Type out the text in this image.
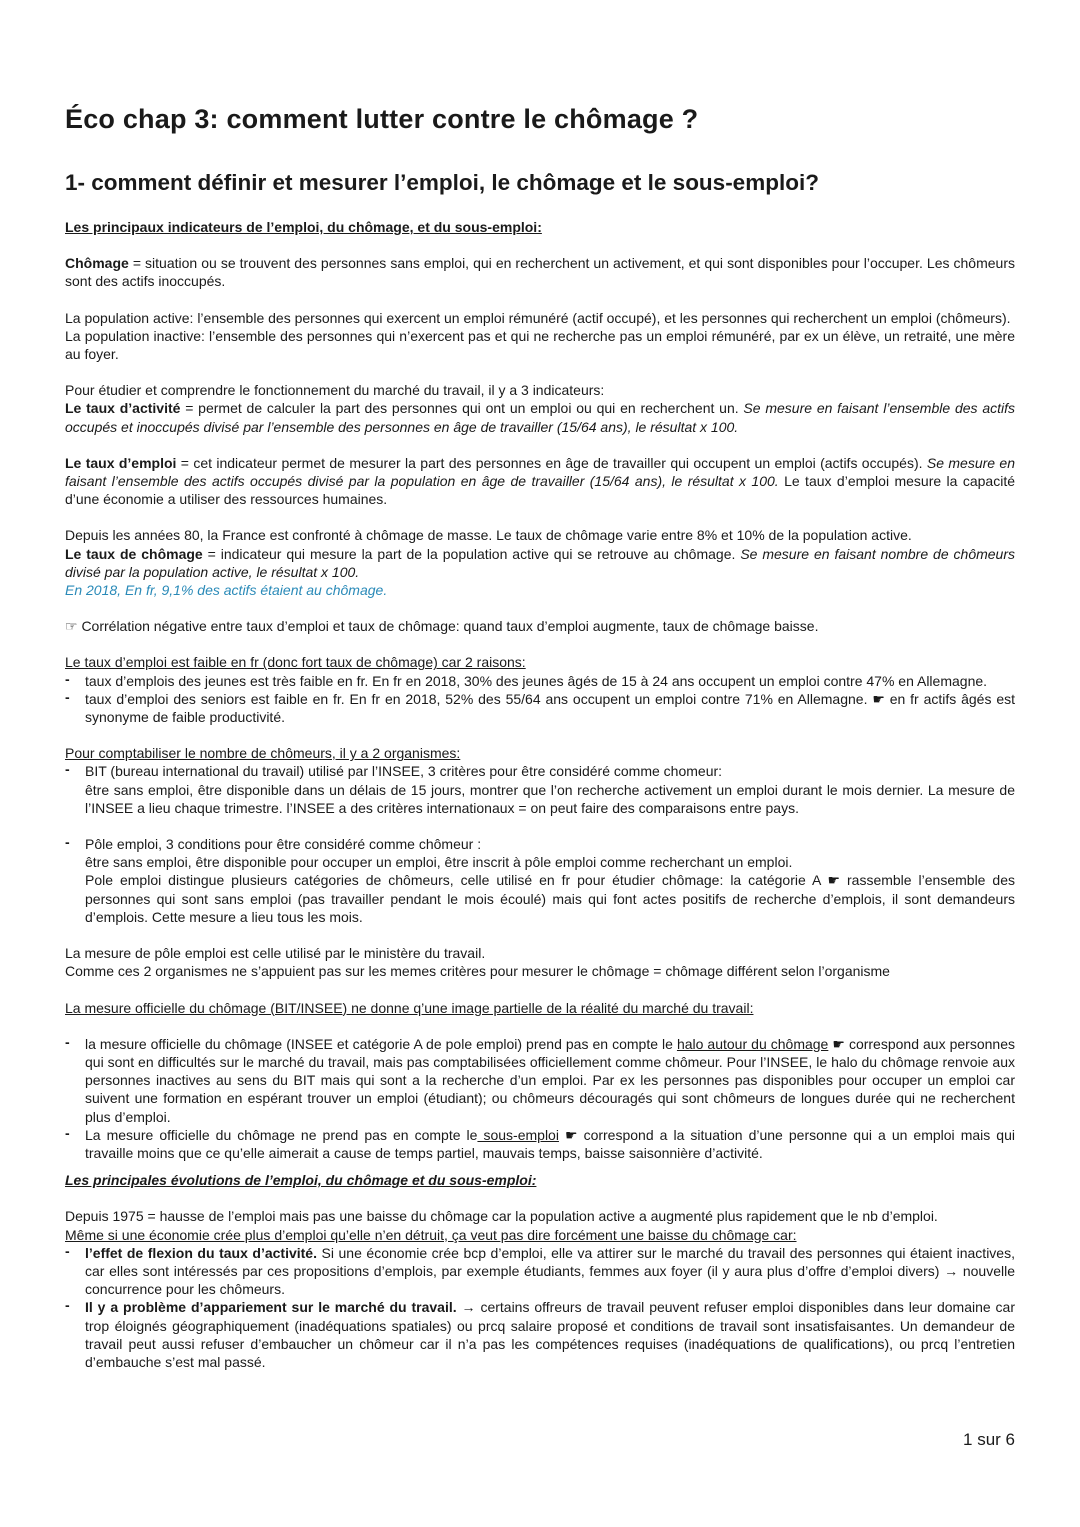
Éco chap 3: comment lutter contre le chômage ?
1- comment définir et mesurer l’emploi, le chômage et le sous-emploi?

Les principaux indicateurs de l’emploi, du chômage, et du sous-emploi:

Chômage = situation ou se trouvent des personnes sans emploi, qui en recherchent un activement, et qui sont disponibles pour l’occuper. Les chômeurs sont des actifs inoccupés.

La population active: l’ensemble des personnes qui exercent un emploi rémunéré (actif occupé), et les personnes qui recherchent un emploi (chômeurs).

La population inactive: l’ensemble des personnes qui n’exercent pas et qui ne recherche pas un emploi rémunéré, par ex un élève, un retraité, une mère au foyer.

Pour étudier et comprendre le fonctionnement du marché du travail, il y a 3 indicateurs:

Le taux d’activité = permet de calculer la part des personnes qui ont un emploi ou qui en recherchent un. Se mesure en faisant l’ensemble des actifs occupés et inoccupés divisé par l’ensemble des personnes en âge de travailler (15/64 ans), le résultat x 100.

Le taux d’emploi = cet indicateur permet de mesurer la part des personnes en âge de travailler qui occupent un emploi (actifs occupés). Se mesure en faisant l’ensemble des actifs occupés divisé par la population en âge de travailler (15/64 ans), le résultat x 100. Le taux d’emploi mesure la capacité d’une économie a utiliser des ressources humaines.

Depuis les années 80, la France est confronté à chômage de masse. Le taux de chômage varie entre 8% et 10% de la population active.

Le taux de chômage = indicateur qui mesure la part de la population active qui se retrouve au chômage. Se mesure en faisant nombre de chômeurs divisé par la population active, le résultat x 100.

En 2018, En fr, 9,1% des actifs étaient au chômage.

☞ Corrélation négative entre taux d’emploi et taux de chômage: quand taux d’emploi augmente, taux de chômage baisse.

Le taux d’emploi est faible en fr (donc fort taux de chômage) car 2 raisons:

- taux d’emplois des jeunes est très faible en fr. En fr en 2018, 30% des jeunes âgés de 15 à 24 ans occupent un emploi contre 47% en Allemagne.
- taux d’emploi des seniors est faible en fr. En fr en 2018, 52% des 55/64 ans occupent un emploi contre 71% en Allemagne. ☛ en fr actifs âgés est synonyme de faible productivité.

Pour comptabiliser le nombre de chômeurs, il y a 2 organismes:

- BIT (bureau international du travail) utilisé par l’INSEE, 3 critères pour être considéré comme chomeur:
être sans emploi, être disponible dans un délais de 15 jours, montrer que l’on recherche activement un emploi durant le mois dernier. La mesure de l’INSEE a lieu chaque trimestre. l’INSEE a des critères internationaux = on peut faire des comparaisons entre pays.
- Pôle emploi, 3 conditions pour être considéré comme chômeur :
être sans emploi, être disponible pour occuper un emploi, être inscrit à pôle emploi comme recherchant un emploi.
Pole emploi distingue plusieurs catégories de chômeurs, celle utilisé en fr pour étudier chômage: la catégorie A ☛ rassemble l’ensemble des personnes qui sont sans emploi (pas travailler pendant le mois écoulé) mais qui font actes positifs de recherche d’emplois, il sont demandeurs d’emplois. Cette mesure a lieu tous les mois.

La mesure de pôle emploi est celle utilisé par le ministère du travail.

Comme ces 2 organismes ne s’appuient pas sur les memes critères pour mesurer le chômage = chômage différent selon l’organisme

La mesure officielle du chômage (BIT/INSEE) ne donne q’une image partielle de la réalité du marché du travail:

- la mesure officielle du chômage (INSEE et catégorie A de pole emploi) prend pas en compte le halo autour du chômage ☛ correspond aux personnes qui sont en difficultés sur le marché du travail, mais pas comptabilisées officiellement comme chômeur. Pour l’INSEE, le halo du chômage renvoie aux personnes inactives au sens du BIT mais qui sont a la recherche d’un emploi. Par ex les personnes pas disponibles pour occuper un emploi car suivent une formation en espérant trouver un emploi (étudiant); ou chômeurs découragés qui sont chômeurs de longues durée qui ne recherchent plus d’emploi.
- La mesure officielle du chômage ne prend pas en compte le sous-emploi ☛ correspond a la situation d’une personne qui a un emploi mais qui travaille moins que ce qu’elle aimerait a cause de temps partiel, mauvais temps, baisse saisonnière d’activité.

Les principales évolutions de l’emploi, du chômage et du sous-emploi:

Depuis 1975 = hausse de l’emploi mais pas une baisse du chômage car la population active a augmenté plus rapidement que le nb d’emploi.

Même si une économie crée plus d’emploi qu’elle n’en détruit, ça veut pas dire forcément une baisse du chômage car:

- l’effet de flexion du taux d’activité. Si une économie crée bcp d’emploi, elle va attirer sur le marché du travail des personnes qui étaient inactives, car elles sont intéressés par ces propositions d’emplois, par exemple étudiants, femmes aux foyer (il y aura plus d’offre d’emploi divers) → nouvelle concurrence pour les chômeurs.
- Il y a problème d’appariement sur le marché du travail. → certains offreurs de travail peuvent refuser emploi disponibles dans leur domaine car trop éloignés géographiquement (inadéquations spatiales) ou prcq salaire proposé et conditions de travail sont insatisfaisantes. Un demandeur de travail peut aussi refuser d’embaucher un chômeur car il n’a pas les compétences requises (inadéquations de qualifications), ou prcq l’entretien d’embauche s’est mal passé.
1 sur 6
